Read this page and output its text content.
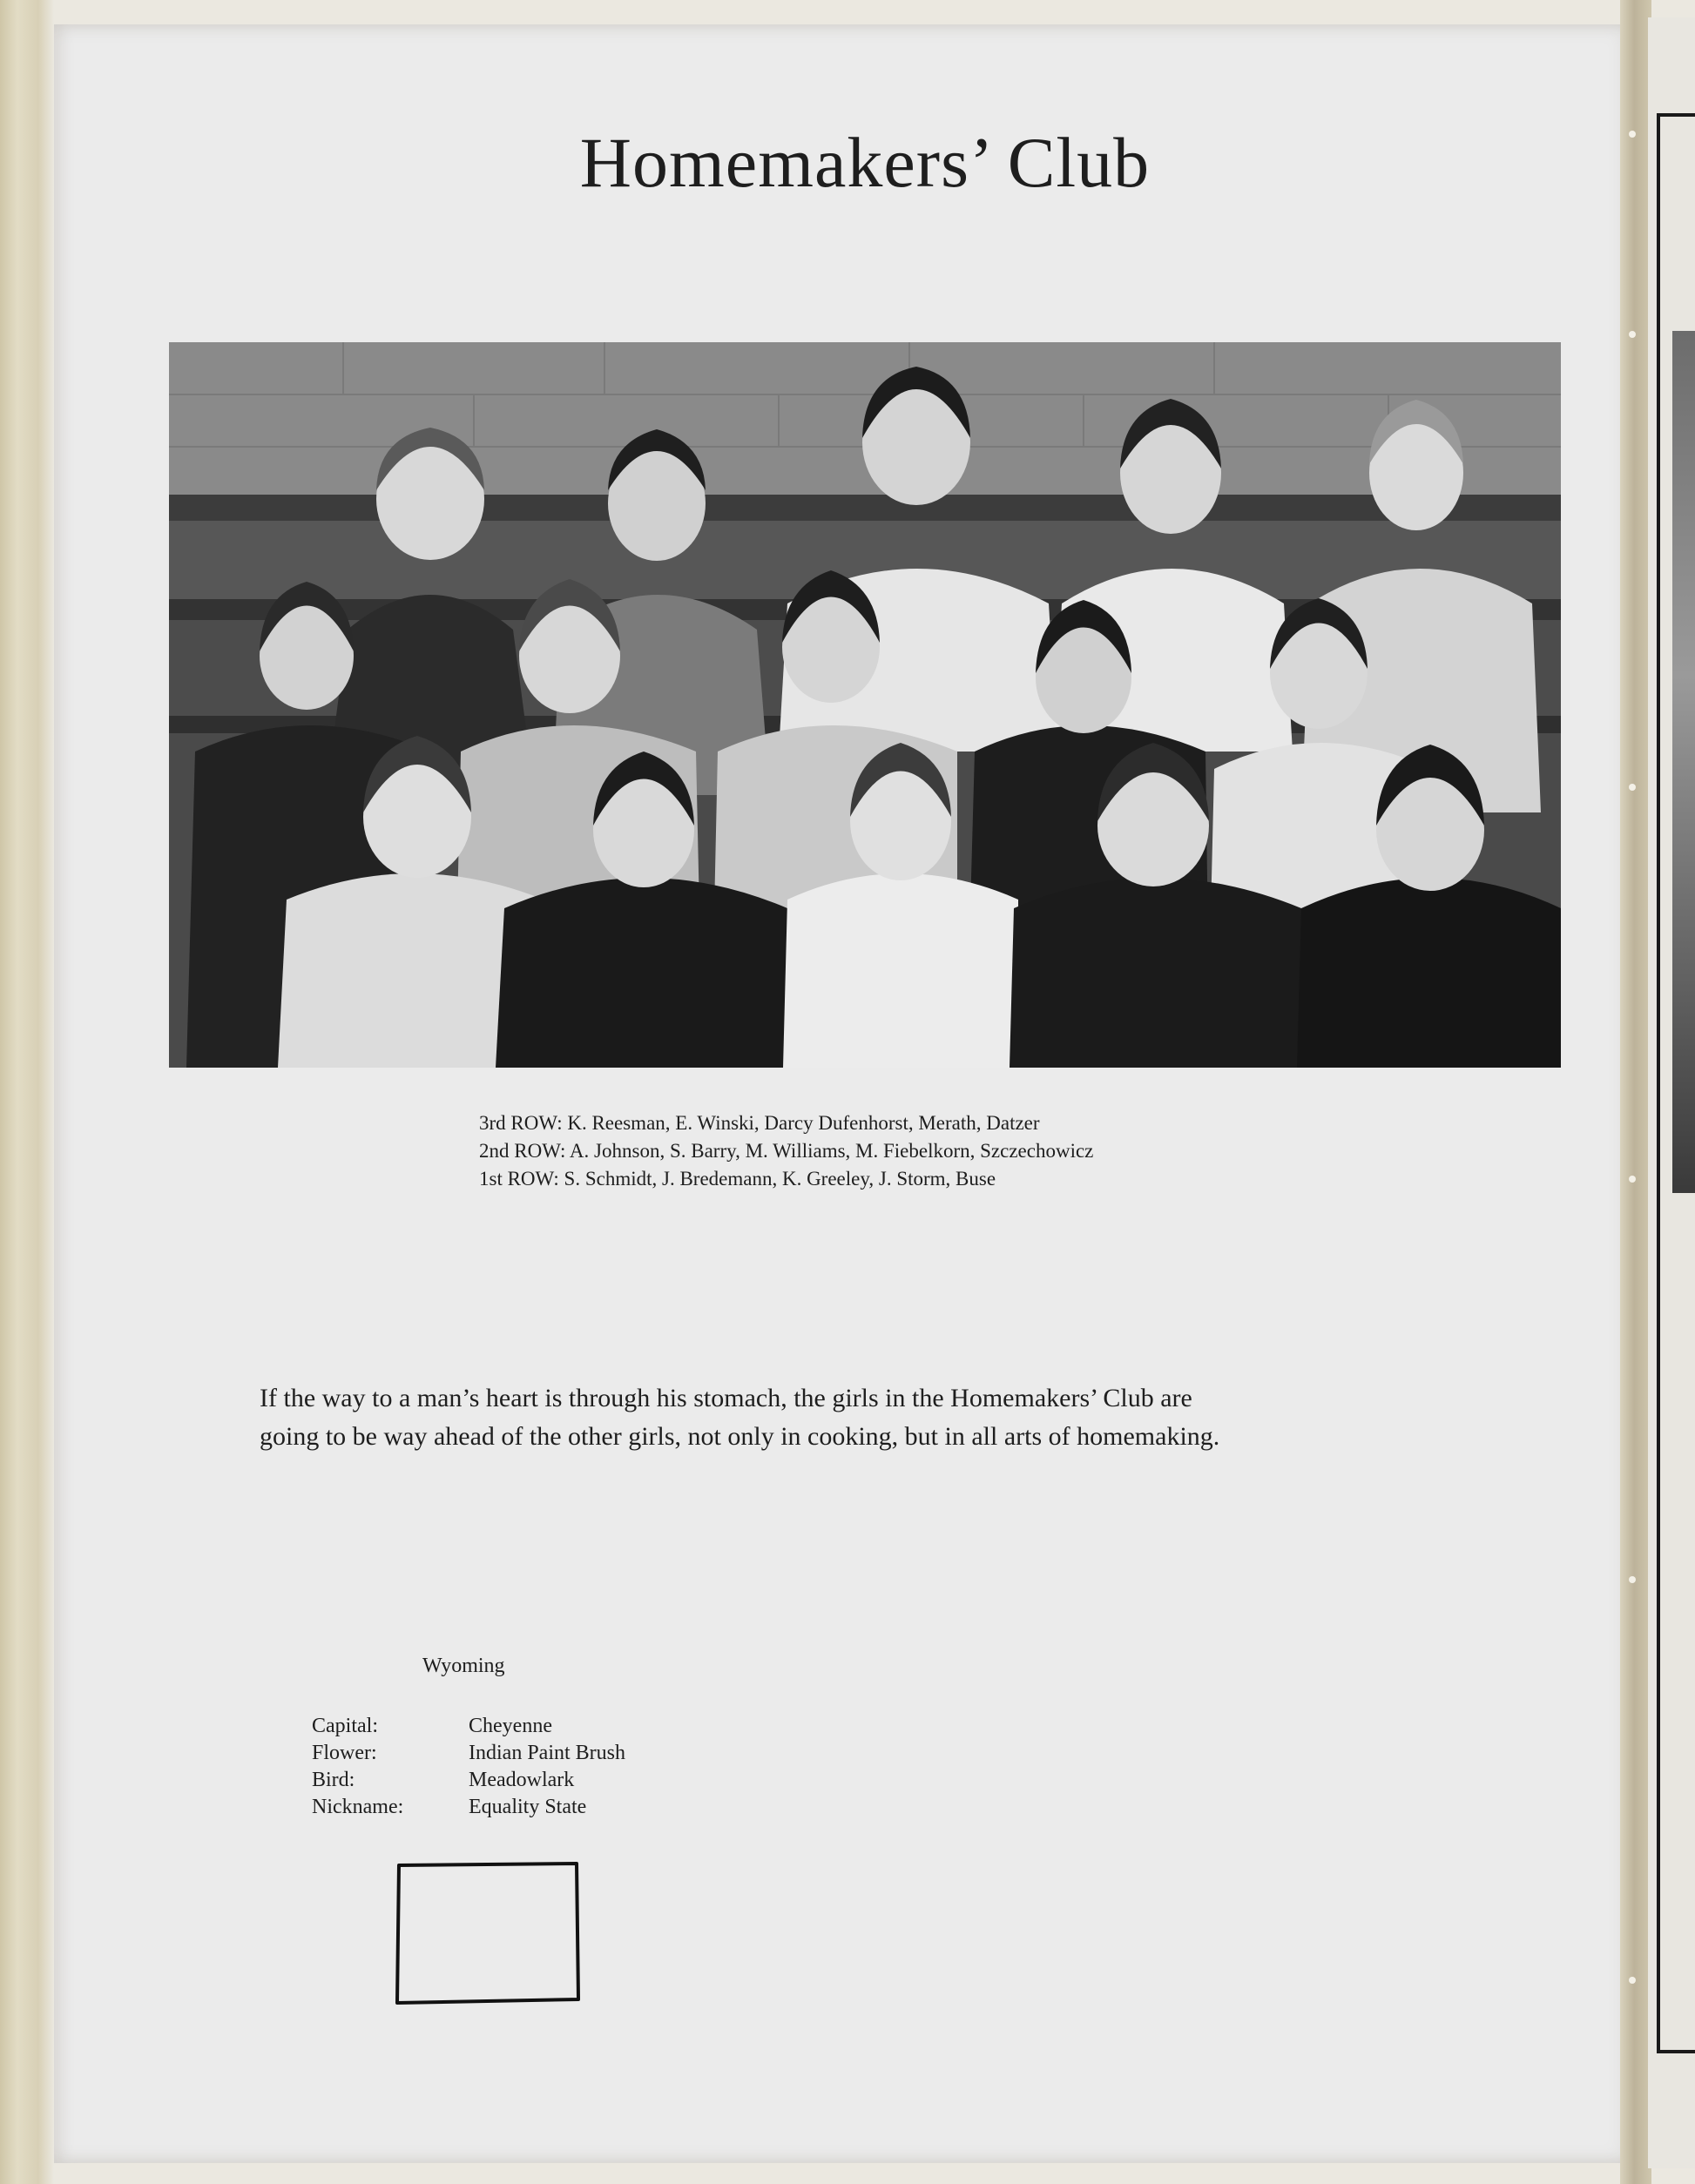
Homemakers’ Club
3rd ROW: K. Reesman, E. Winski, Darcy Dufenhorst, Merath, Datzer
2nd ROW: A. Johnson, S. Barry, M. Williams, M. Fiebelkorn, Szczechowicz
1st ROW: S. Schmidt, J. Bredemann, K. Greeley, J. Storm, Buse
If the way to a man’s heart is through his stomach, the girls in the Homemakers’ Club are
going to be way ahead of the other girls, not only in cooking, but in all arts of homemaking.
Wyoming
Capital:	Cheyenne
Flower:	Indian Paint Brush
Bird:	Meadowlark
Nickname:	Equality State
